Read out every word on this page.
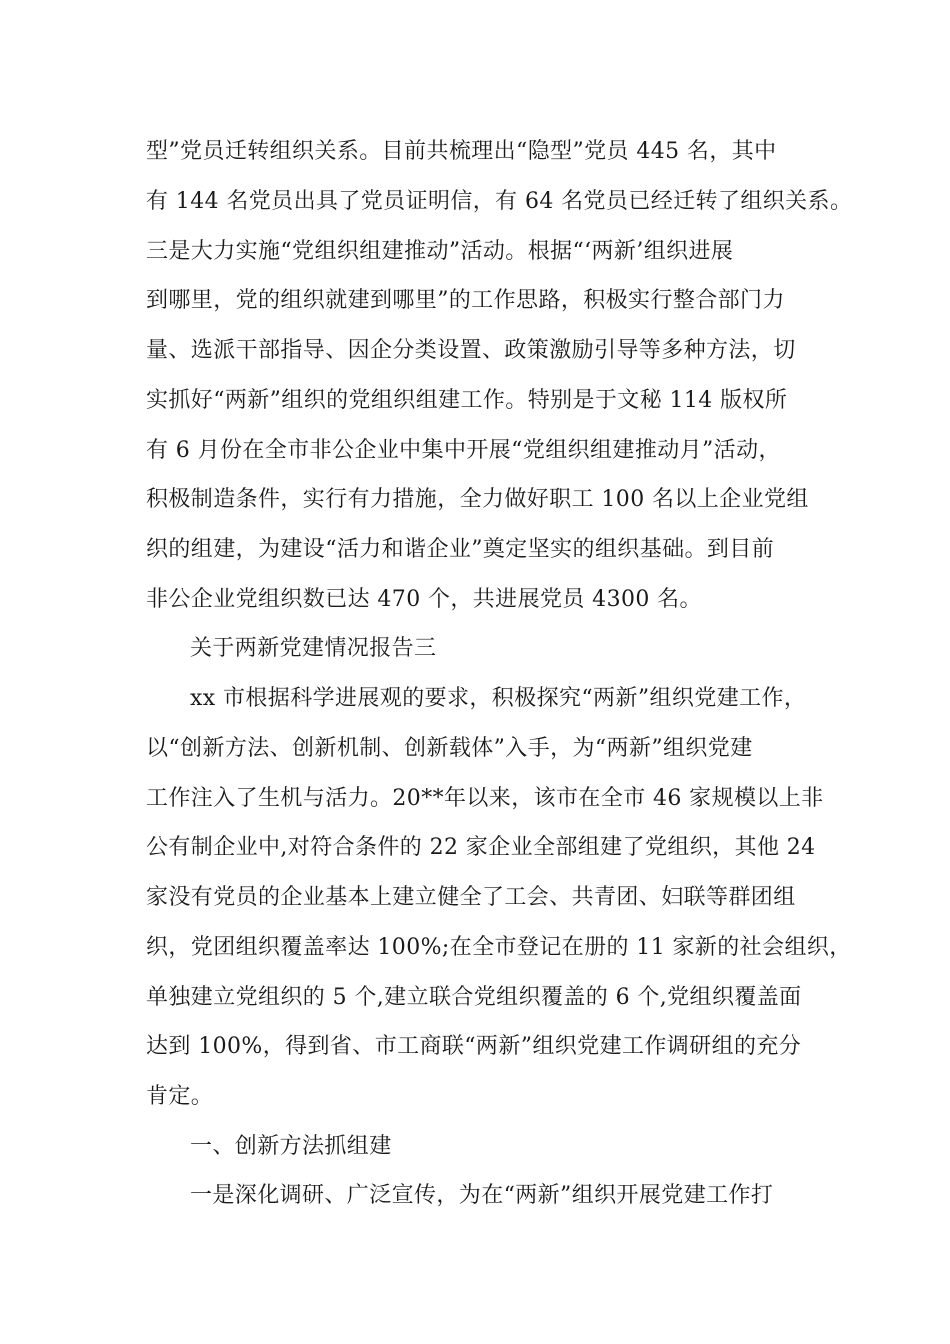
型”党员迁转组织关系。目前共梳理出“隐型”党员 445 名，其中
有 144 名党员出具了党员证明信，有 64 名党员已经迁转了组织关系。
三是大力实施“党组织组建推动”活动。根据“‘两新’组织进展
到哪里，党的组织就建到哪里”的工作思路，积极实行整合部门力
量、选派干部指导、因企分类设置、政策激励引导等多种方法，切
实抓好“两新”组织的党组织组建工作。特别是于文秘 114 版权所
有 6 月份在全市非公企业中集中开展“党组织组建推动月”活动，
积极制造条件，实行有力措施，全力做好职工 100 名以上企业党组
织的组建，为建设“活力和谐企业”奠定坚实的组织基础。到目前
非公企业党组织数已达 470 个，共进展党员 4300 名。
关于两新党建情况报告三
xx 市根据科学进展观的要求，积极探究“两新”组织党建工作，
以“创新方法、创新机制、创新载体”入手，为“两新”组织党建
工作注入了生机与活力。20**年以来，该市在全市 46 家规模以上非
公有制企业中,对符合条件的 22 家企业全部组建了党组织，其他 24
家没有党员的企业基本上建立健全了工会、共青团、妇联等群团组
织，党团组织覆盖率达 100%;在全市登记在册的 11 家新的社会组织，
单独建立党组织的 5 个,建立联合党组织覆盖的 6 个,党组织覆盖面
达到 100%，得到省、市工商联“两新”组织党建工作调研组的充分
肯定。
一、创新方法抓组建
一是深化调研、广泛宣传，为在“两新”组织开展党建工作打
